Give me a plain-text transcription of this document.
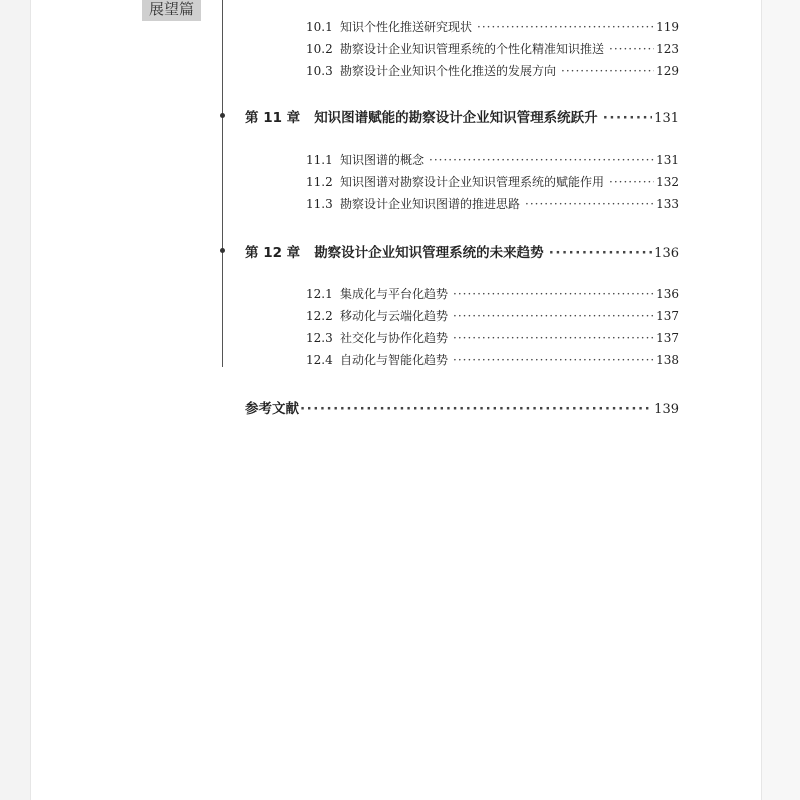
展望篇
10.1 知识个性化推送研究现状 ·····	119
10.2 勘察设计企业知识管理系统的个性化精准知识推送 ·····	123
10.3 勘察设计企业知识个性化推送的发展方向 ·····	129
第 11 章 知识图谱赋能的勘察设计企业知识管理系统跃升 ·····	131
11.1 知识图谱的概念 ·····	131
11.2 知识图谱对勘察设计企业知识管理系统的赋能作用 ·····	132
11.3 勘察设计企业知识图谱的推进思路 ·····	133
第 12 章 勘察设计企业知识管理系统的未来趋势 ·····	136
12.1 集成化与平台化趋势 ·····	136
12.2 移动化与云端化趋势 ·····	137
12.3 社交化与协作化趋势 ·····	137
12.4 自动化与智能化趋势 ·····	138
参考文献 ·····	139
